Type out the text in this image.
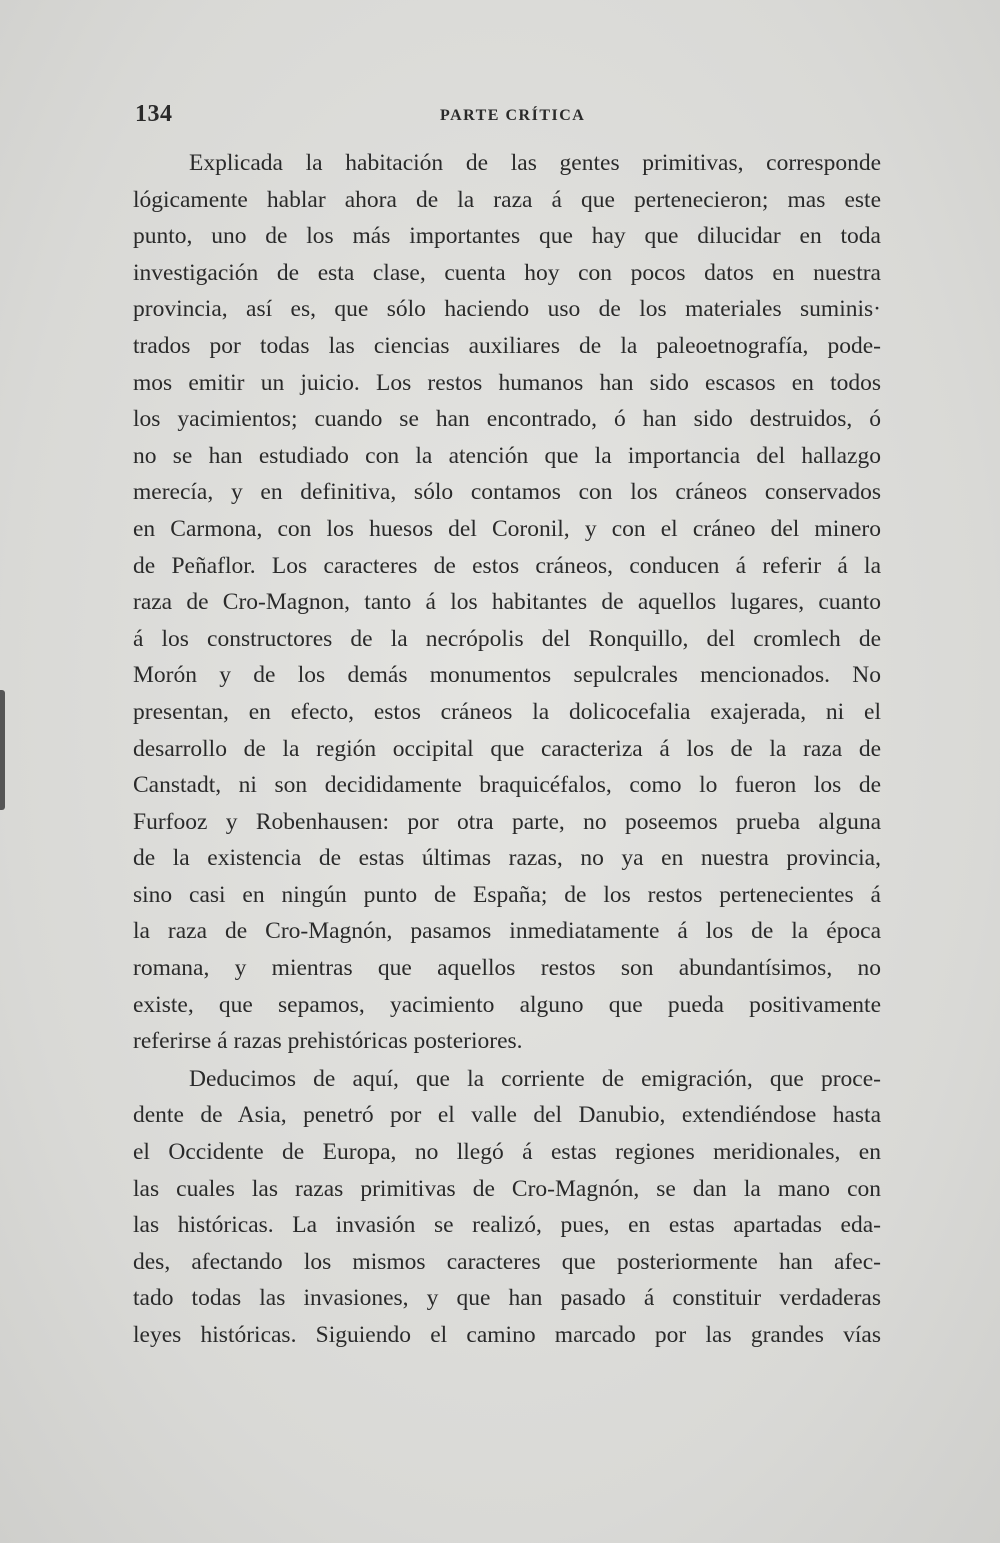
134	PARTE CRÍTICA
Explicada la habitación de las gentes primitivas, corresponde
lógicamente hablar ahora de la raza á que pertenecieron; mas este
punto, uno de los más importantes que hay que dilucidar en toda
investigación de esta clase, cuenta hoy con pocos datos en nuestra
provincia, así es, que sólo haciendo uso de los materiales suminis·
trados por todas las ciencias auxiliares de la paleoetnografía, pode-
mos emitir un juicio. Los restos humanos han sido escasos en todos
los yacimientos; cuando se han encontrado, ó han sido destruidos, ó
no se han estudiado con la atención que la importancia del hallazgo
merecía, y en definitiva, sólo contamos con los cráneos conservados
en Carmona, con los huesos del Coronil, y con el cráneo del minero
de Peñaflor. Los caracteres de estos cráneos, conducen á referir á la
raza de Cro-Magnon, tanto á los habitantes de aquellos lugares, cuanto
á los constructores de la necrópolis del Ronquillo, del cromlech de
Morón y de los demás monumentos sepulcrales mencionados. No
presentan, en efecto, estos cráneos la dolicocefalia exajerada, ni el
desarrollo de la región occipital que caracteriza á los de la raza de
Canstadt, ni son decididamente braquicéfalos, como lo fueron los de
Furfooz y Robenhausen: por otra parte, no poseemos prueba alguna
de la existencia de estas últimas razas, no ya en nuestra provincia,
sino casi en ningún punto de España; de los restos pertenecientes á
la raza de Cro-Magnón, pasamos inmediatamente á los de la época
romana, y mientras que aquellos restos son abundantísimos, no
existe, que sepamos, yacimiento alguno que pueda positivamente
referirse á razas prehistóricas posteriores.
Deducimos de aquí, que la corriente de emigración, que proce-
dente de Asia, penetró por el valle del Danubio, extendiéndose hasta
el Occidente de Europa, no llegó á estas regiones meridionales, en
las cuales las razas primitivas de Cro-Magnón, se dan la mano con
las históricas. La invasión se realizó, pues, en estas apartadas eda-
des, afectando los mismos caracteres que posteriormente han afec-
tado todas las invasiones, y que han pasado á constituir verdaderas
leyes históricas. Siguiendo el camino marcado por las grandes vías
